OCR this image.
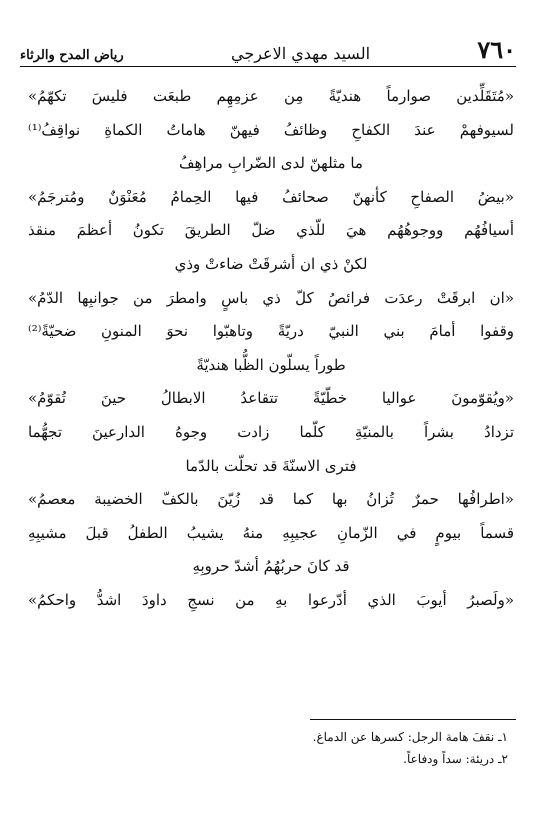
٧٦٠
السيد مهدي الاعرجي
رياض المدح والرثاء
«مُتَقَلِّدين صوارماً هنديّةً مِن عزمِهِم طبعَت فليسَ تكهّمُ»
لسيوفهمْ عندَ الكفاحِ وظائفُ فيهنّ هاماتُ الكماةِ نواقِفُ⁽¹⁾
ما مثلهنّ لدى الضّرابِ مراهِفُ
«بيضُ الصفاحِ كأنهنّ صحائفُ فيها الحِمامُ مُعَنْوَنٌ ومُترجَمُ»
أسيافُهُم ووجوهُهُم هيَ للّذي ضلّ الطريقَ تكونُ أعظمَ منقذ
لكنْ ذي ان أشرقَتْ ضاءتْ وذي
«ان ابرقَتْ رعدَت فرائصُ كلّ ذي باسٍ وامطرَ من جوانبِها الدّمُ»
وقفوا أمامَ بني النبيّ دريّةً وتاهبّوا نحوَ المنونِ ضحيّةً⁽²⁾
طوراً يسلّون الظُّبا هنديّةً
«ويُقوّمونَ عواليا خطّيّةً تتقاعدُ الابطالُ حينَ تُقوّمُ»
تزدادُ بشراً بالمنيّةِ كلّما زادت وجوهُ الدارعينَ تجهُّما
فترى الاسنّةَ قد تحلّت بالدّما
«اطرافُها حمرٌ تُزانُ بها كما قد زُيّنَ بالكفّ الخضيبة معصمُ»
قسماً بيومٍ في الزّمانِ عجيبِهِ منهُ يشيبُ الطفلُ قبلَ مشيبِهِ
قد كانَ حربُهُمُ أشدّ حروبِهِ
«ولَصبرُ أيوبَ الذي أدّرعوا بهِ من نسجِ داودَ اشدُّ واحكمُ»
١ـ نقفَ هامة الرجل: كسرها عن الدماغ.
٢ـ دريئة: سداً ودفاعاً.
